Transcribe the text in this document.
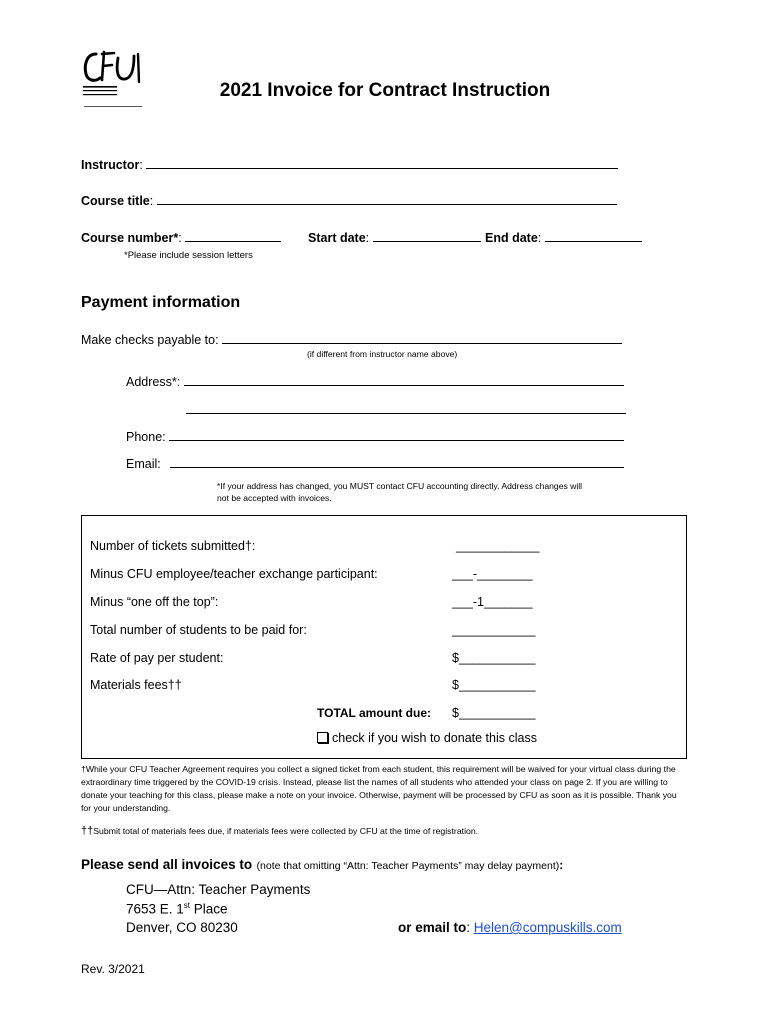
2021 Invoice for Contract Instruction
Instructor:
Course title:
Course number*:	Start date:	End date:
*Please include session letters
Payment information
Make checks payable to:
(if different from instructor name above)
Address*:
Phone:
Email:
*If your address has changed, you MUST contact CFU accounting directly. Address changes will
not be accepted with invoices.
Number of tickets submitted†:	____________
Minus CFU employee/teacher exchange participant:	___-________
Minus “one off the top”:	___-1_______
Total number of students to be paid for:	____________
Rate of pay per student:	$___________
Materials fees††	$___________
TOTAL amount due: $___________
check if you wish to donate this class
†While your CFU Teacher Agreement requires you collect a signed ticket from each student, this requirement will be waived for your virtual class during the extraordinary time triggered by the COVID-19 crisis. Instead, please list the names of all students who attended your class on page 2. If you are willing to donate your teaching for this class, please make a note on your invoice. Otherwise, payment will be processed by CFU as soon as it is possible. Thank you for your understanding.
††Submit total of materials fees due, if materials fees were collected by CFU at the time of registration.
Please send all invoices to (note that omitting “Attn: Teacher Payments” may delay payment):
CFU—Attn: Teacher Payments
7653 E. 1st Place
Denver, CO 80230	or email to: Helen@compuskills.com
Rev. 3/2021
